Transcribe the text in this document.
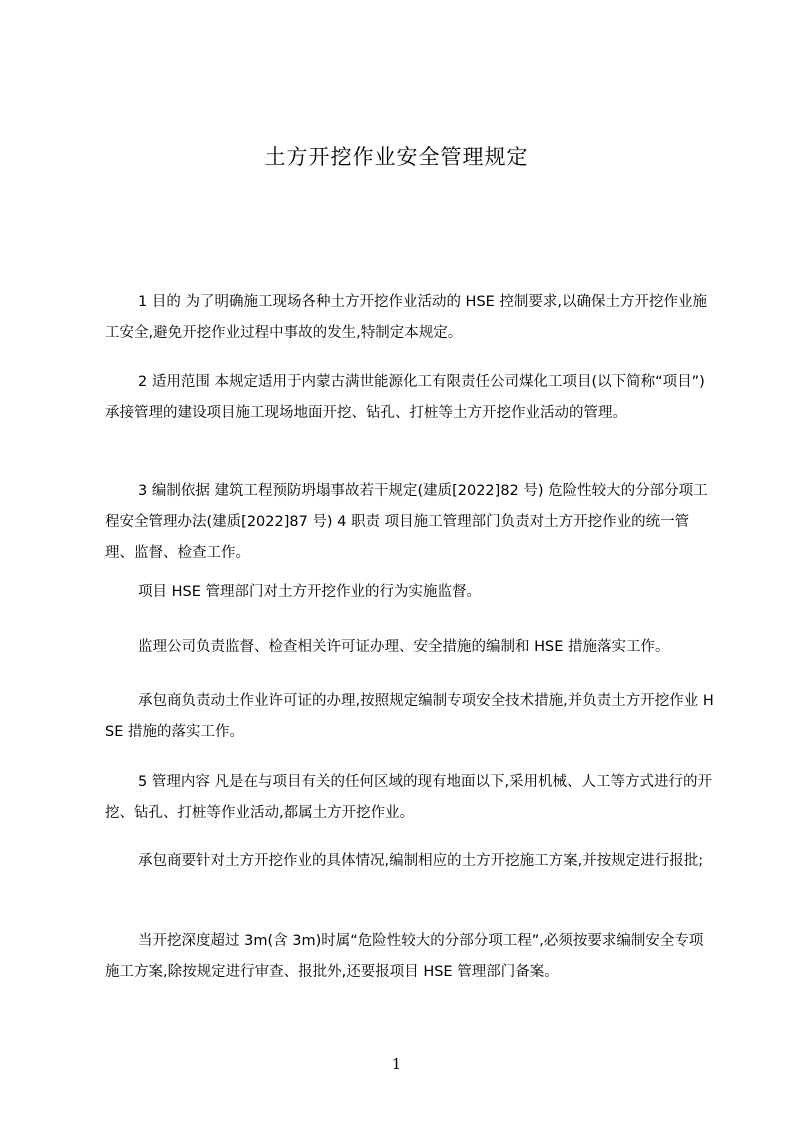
土方开挖作业安全管理规定

1 目的 为了明确施工现场各种土方开挖作业活动的 HSE 控制要求,以确保土方开挖作业施工安全,避免开挖作业过程中事故的发生,特制定本规定。

2 适用范围 本规定适用于内蒙古满世能源化工有限责任公司煤化工项目(以下简称“项目”)承接管理的建设项目施工现场地面开挖、钻孔、打桩等土方开挖作业活动的管理。

3 编制依据 建筑工程预防坍塌事故若干规定(建质[2022]82 号) 危险性较大的分部分项工程安全管理办法(建质[2022]87 号) 4 职责 项目施工管理部门负责对土方开挖作业的统一管理、监督、检查工作。

项目 HSE 管理部门对土方开挖作业的行为实施监督。

监理公司负责监督、检查相关许可证办理、安全措施的编制和 HSE 措施落实工作。

承包商负责动土作业许可证的办理,按照规定编制专项安全技术措施,并负责土方开挖作业 HSE 措施的落实工作。

5 管理内容 凡是在与项目有关的任何区域的现有地面以下,采用机械、人工等方式进行的开挖、钻孔、打桩等作业活动,都属土方开挖作业。

承包商要针对土方开挖作业的具体情况,编制相应的土方开挖施工方案,并按规定进行报批;

当开挖深度超过 3m(含 3m)时属“危险性较大的分部分项工程”,必须按要求编制安全专项施工方案,除按规定进行审查、报批外,还要报项目 HSE 管理部门备案。

1
